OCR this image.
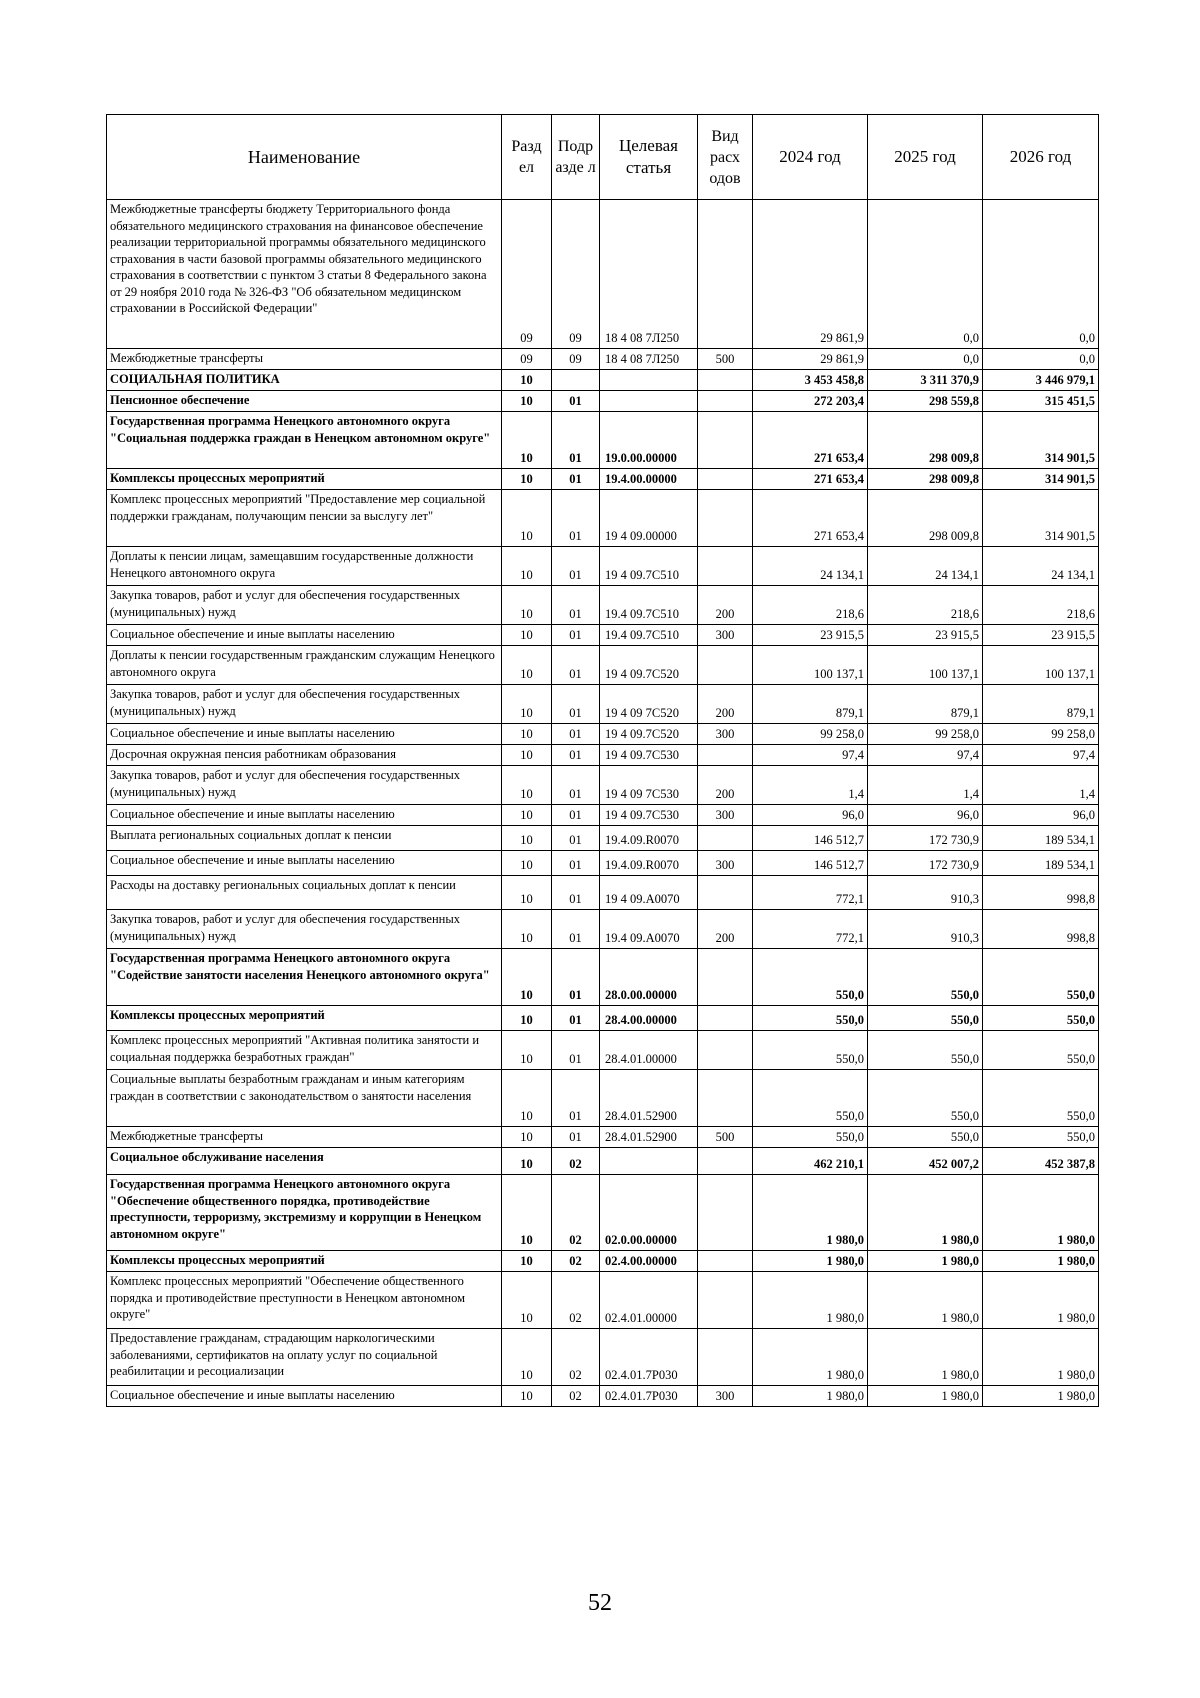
Наименование	Разд ел	Подр азде л	Целевая статья	Вид расх одов	2024 год	2025 год	2026 год
Межбюджетные трансферты бюджету Территориального фонда обязательного медицинского страхования на финансовое обеспечение реализации территориальной программы обязательного медицинского страхования в части базовой программы обязательного медицинского страхования в соответствии с пунктом 3 статьи 8 Федерального закона от 29 ноября 2010 года № 326-ФЗ "Об обязательном медицинском страховании в Российской Федерации"	09	09	18 4 08 7Л250		29 861,9	0,0	0,0
Межбюджетные трансферты	09	09	18 4 08 7Л250	500	29 861,9	0,0	0,0
СОЦИАЛЬНАЯ ПОЛИТИКА	10				3 453 458,8	3 311 370,9	3 446 979,1
Пенсионное обеспечение	10	01			272 203,4	298 559,8	315 451,5
Государственная программа Ненецкого автономного округа "Социальная поддержка граждан в Ненецком автономном округе"	10	01	19.0.00.00000		271 653,4	298 009,8	314 901,5
Комплексы процессных мероприятий	10	01	19.4.00.00000		271 653,4	298 009,8	314 901,5
Комплекс процессных мероприятий "Предоставление мер социальной поддержки гражданам, получающим пенсии за выслугу лет"	10	01	19 4 09.00000		271 653,4	298 009,8	314 901,5
Доплаты к пенсии лицам, замещавшим государственные должности Ненецкого автономного округа	10	01	19 4 09.7С510		24 134,1	24 134,1	24 134,1
Закупка товаров, работ и услуг для обеспечения государственных (муниципальных) нужд	10	01	19.4 09.7С510	200	218,6	218,6	218,6
Социальное обеспечение и иные выплаты населению	10	01	19.4 09.7С510	300	23 915,5	23 915,5	23 915,5
Доплаты к пенсии государственным гражданским служащим Ненецкого автономного округа	10	01	19 4 09.7С520		100 137,1	100 137,1	100 137,1
Закупка товаров, работ и услуг для обеспечения государственных (муниципальных) нужд	10	01	19 4 09 7С520	200	879,1	879,1	879,1
Социальное обеспечение и иные выплаты населению	10	01	19 4 09.7С520	300	99 258,0	99 258,0	99 258,0
Досрочная окружная пенсия работникам образования	10	01	19 4 09.7С530		97,4	97,4	97,4
Закупка товаров, работ и услуг для обеспечения государственных (муниципальных) нужд	10	01	19 4 09 7С530	200	1,4	1,4	1,4
Социальное обеспечение и иные выплаты населению	10	01	19 4 09.7С530	300	96,0	96,0	96,0
Выплата региональных социальных доплат к пенсии	10	01	19.4.09.R0070		146 512,7	172 730,9	189 534,1
Социальное обеспечение и иные выплаты населению	10	01	19.4.09.R0070	300	146 512,7	172 730,9	189 534,1
Расходы на доставку региональных социальных доплат к пенсии	10	01	19 4 09.А0070		772,1	910,3	998,8
Закупка товаров, работ и услуг для обеспечения государственных (муниципальных) нужд	10	01	19.4 09.А0070	200	772,1	910,3	998,8
Государственная программа Ненецкого автономного округа "Содействие занятости населения Ненецкого автономного округа"	10	01	28.0.00.00000		550,0	550,0	550,0
Комплексы процессных мероприятий	10	01	28.4.00.00000		550,0	550,0	550,0
Комплекс процессных мероприятий "Активная политика занятости и социальная поддержка безработных граждан"	10	01	28.4.01.00000		550,0	550,0	550,0
Социальные выплаты безработным гражданам и иным категориям граждан в соответствии с законодательством о занятости населения	10	01	28.4.01.52900		550,0	550,0	550,0
Межбюджетные трансферты	10	01	28.4.01.52900	500	550,0	550,0	550,0
Социальное обслуживание населения	10	02			462 210,1	452 007,2	452 387,8
Государственная программа Ненецкого автономного округа "Обеспечение общественного порядка, противодействие преступности, терроризму, экстремизму и коррупции в Ненецком автономном округе"	10	02	02.0.00.00000		1 980,0	1 980,0	1 980,0
Комплексы процессных мероприятий	10	02	02.4.00.00000		1 980,0	1 980,0	1 980,0
Комплекс процессных мероприятий "Обеспечение общественного порядка и противодействие преступности в Ненецком автономном округе"	10	02	02.4.01.00000		1 980,0	1 980,0	1 980,0
Предоставление гражданам, страдающим наркологическими заболеваниями, сертификатов на оплату услуг по социальной реабилитации и ресоциализации	10	02	02.4.01.7Р030		1 980,0	1 980,0	1 980,0
Социальное обеспечение и иные выплаты населению	10	02	02.4.01.7Р030	300	1 980,0	1 980,0	1 980,0
52
